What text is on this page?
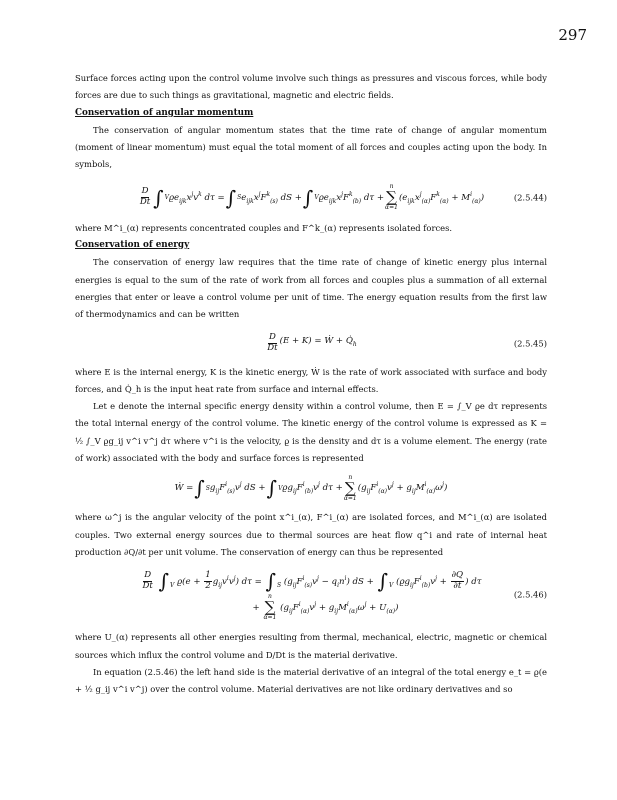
297

Surface forces acting upon the control volume involve such things as pressures and viscous forces, while body forces are due to such things as gravitational, magnetic and electric fields.

Conservation of angular momentum

The conservation of angular momentum states that the time rate of change of angular momentum (moment of linear momentum) must equal the total moment of all forces and couples acting upon the body. In symbols,

$\frac{D}{Dt}$ ∫ V $ϱe_{ijk}x^jv^k$ dτ = ∫ S $e_{ijk}x^jF^k_{(s)}$ dS + ∫ V $ϱe_{ijk}x^jF^k_{(b)}$ dτ +
n
∑
α=1
$(e_{ijk}x^j_{(\alpha)}F^k_{(\alpha)} + M^i_{(\alpha)})$	(2.5.44)

where M^i_(α) represents concentrated couples and F^k_(α) represents isolated forces.

Conservation of energy

The conservation of energy law requires that the time rate of change of kinetic energy plus internal energies is equal to the sum of the rate of work from all forces and couples plus a summation of all external energies that enter or leave a control volume per unit of time. The energy equation results from the first law of thermodynamics and can be written

$\frac{D}{Dt} (E + K)$ = Ẇ + $Q̇_h$	(2.5.45)

where E is the internal energy, K is the kinetic energy, Ẇ is the rate of work associated with surface and body forces, and Q̇_h is the input heat rate from surface and internal effects.

Let e denote the internal specific energy density within a control volume, then E = ∫_V ϱe dτ represents the total internal energy of the control volume. The kinetic energy of the control volume is expressed as K = ½ ∫_V ϱg_ij v^i v^j dτ where v^i is the velocity, ϱ is the density and dτ is a volume element. The energy (rate of work) associated with the body and surface forces is represented

Ẇ = ∫ S $g_{ij}F^i_{(s)}v^j$ dS + ∫ V $ϱg_{ij}F^i_{(b)}v^j$ dτ +
n
∑
α=1
$(g_{ij}F^i_{(\alpha)}v^j + g_{ij}M^i_{(\alpha)}\omega^j)$

where ω^j is the angular velocity of the point x^i_(α), F^i_(α) are isolated forces, and M^i_(α) are isolated couples. Two external energy sources due to thermal sources are heat flow q^i and rate of internal heat production ∂Q/∂t per unit volume. The conservation of energy can thus be represented

$\frac{D}{Dt} \int_V$ $ϱ(e + \frac{1}{2} g_{ij}v^iv^j)$ $d\tau = \int_S$ $(g_{ij}F^i_{(s)}v^j - q_in^i)$ dS + $\int_V$ ($ϱg_{ij}F^i_{(b)}v^j + \frac{\partial Q}{\partial t}$ ) dτ
+
n
∑
α=1
$(g_{ij}F^i_{(\alpha)}v^j + g_{ij}M^i_{(\alpha)}\omega^j + U_{(\alpha)})$
(2.5.46)

where U_(α) represents all other energies resulting from thermal, mechanical, electric, magnetic or chemical sources which influx the control volume and D/Dt is the material derivative.

In equation (2.5.46) the left hand side is the material derivative of an integral of the total energy e_t = ϱ(e + ½ g_ij v^i v^j) over the control volume. Material derivatives are not like ordinary derivatives and so
